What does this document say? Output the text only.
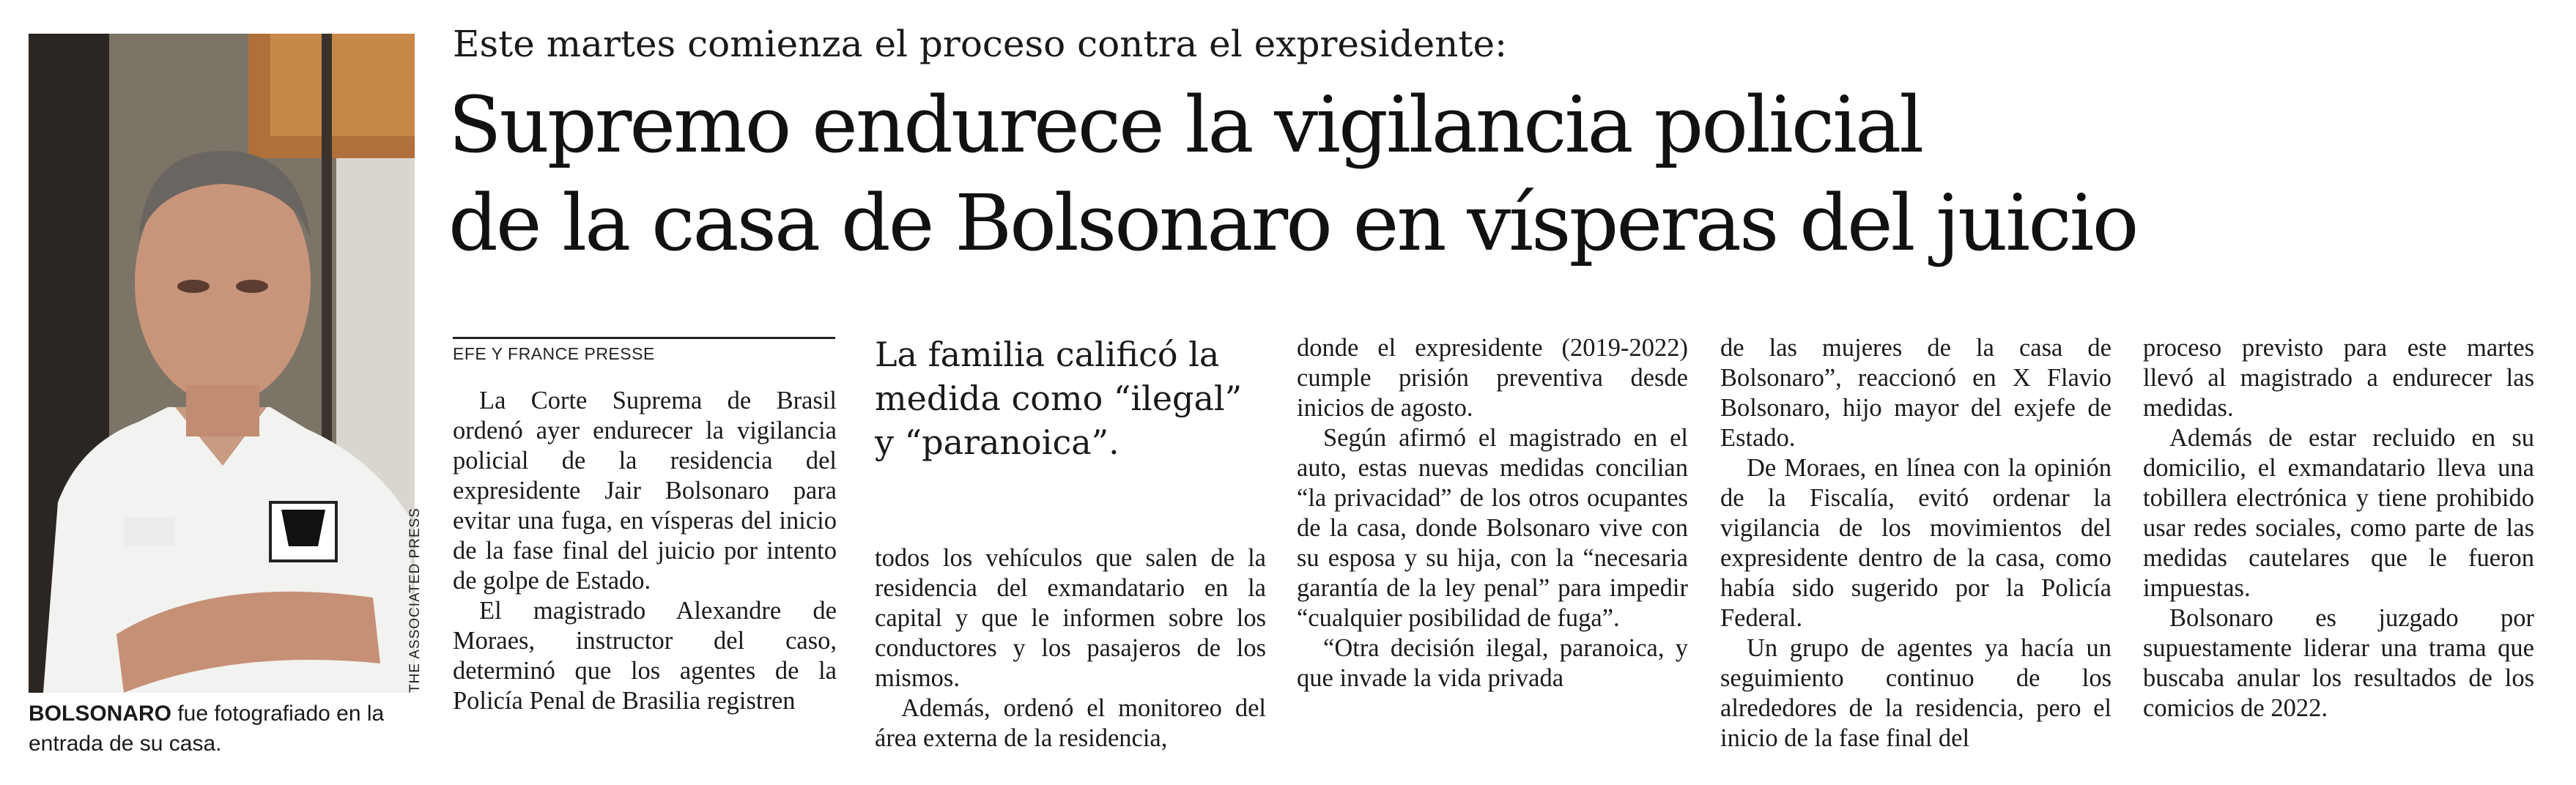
THE ASSOCIATED PRESS
BOLSONARO fue fotografiado en la entrada de su casa.
Este martes comienza el proceso contra el expresidente:
Supremo endurece la vigilancia policial
de la casa de Bolsonaro en vísperas del juicio
EFE Y FRANCE PRESSE

La Corte Suprema de Brasil ordenó ayer endurecer la vigilancia policial de la residencia del expresidente Jair Bolsonaro para evitar una fuga, en vísperas del inicio de la fase final del juicio por intento de golpe de Estado.

El magistrado Alexandre de Moraes, instructor del caso, determinó que los agentes de la Policía Penal de Brasilia registren

La familia calificó la medida como “ilegal” y “paranoica”.

todos los vehículos que salen de la residencia del exmandatario en la capital y que le informen sobre los conductores y los pasajeros de los mismos.

Además, ordenó el monitoreo del área externa de la residencia,

donde el expresidente (2019-2022) cumple prisión preventiva desde inicios de agosto.

Según afirmó el magistrado en el auto, estas nuevas medidas concilian “la privacidad” de los otros ocupantes de la casa, donde Bolsonaro vive con su esposa y su hija, con la “necesaria garantía de la ley penal” para impedir “cualquier posibilidad de fuga”.

“Otra decisión ilegal, paranoica, y que invade la vida privada

de las mujeres de la casa de Bolsonaro”, reaccionó en X Flavio Bolsonaro, hijo mayor del exjefe de Estado.

De Moraes, en línea con la opinión de la Fiscalía, evitó ordenar la vigilancia de los movimientos del expresidente dentro de la casa, como había sido sugerido por la Policía Federal.

Un grupo de agentes ya hacía un seguimiento continuo de los alrededores de la residencia, pero el inicio de la fase final del

proceso previsto para este martes llevó al magistrado a endurecer las medidas.

Además de estar recluido en su domicilio, el exmandatario lleva una tobillera electrónica y tiene prohibido usar redes sociales, como parte de las medidas cautelares que le fueron impuestas.

Bolsonaro es juzgado por supuestamente liderar una trama que buscaba anular los resultados de los comicios de 2022.
